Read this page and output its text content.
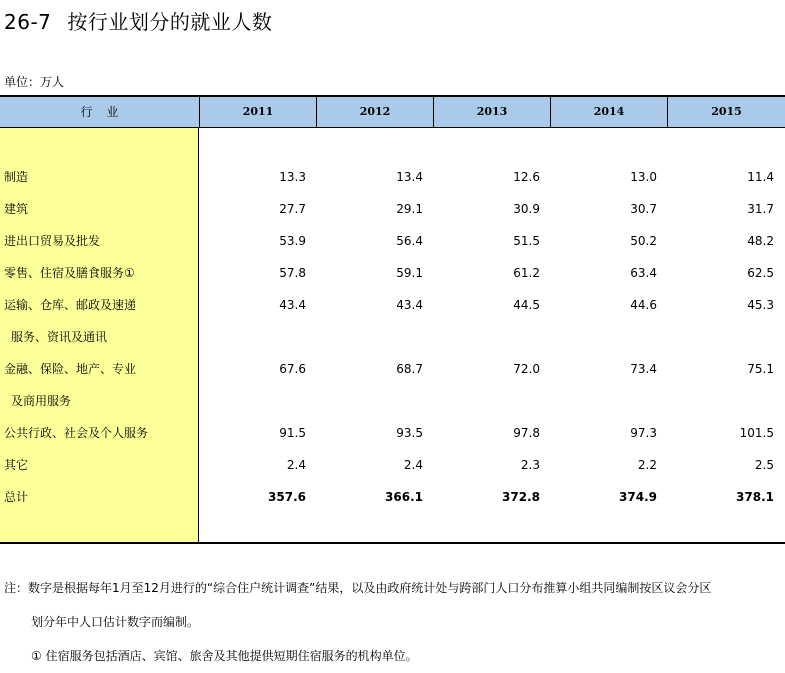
26-7 按行业划分的就业人数
单位：万人
行业	2011	2012	2013	2014	2015
制造	13.3	13.4	12.6	13.0	11.4
建筑	27.7	29.1	30.9	30.7	31.7
进出口贸易及批发	53.9	56.4	51.5	50.2	48.2
零售、住宿及膳食服务①	57.8	59.1	61.2	63.4	62.5
运输、仓库、邮政及速递	43.4	43.4	44.5	44.6	45.3
服务、资讯及通讯
金融、保险、地产、专业	67.6	68.7	72.0	73.4	75.1
及商用服务
公共行政、社会及个人服务	91.5	93.5	97.8	97.3	101.5
其它	2.4	2.4	2.3	2.2	2.5
总计	357.6	366.1	372.8	374.9	378.1
注：数字是根据每年1月至12月进行的“综合住户统计调查”结果，以及由政府统计处与跨部门人口分布推算小组共同编制按区议会分区
划分年中人口估计数字而编制。
① 住宿服务包括酒店、宾馆、旅舍及其他提供短期住宿服务的机构单位。
